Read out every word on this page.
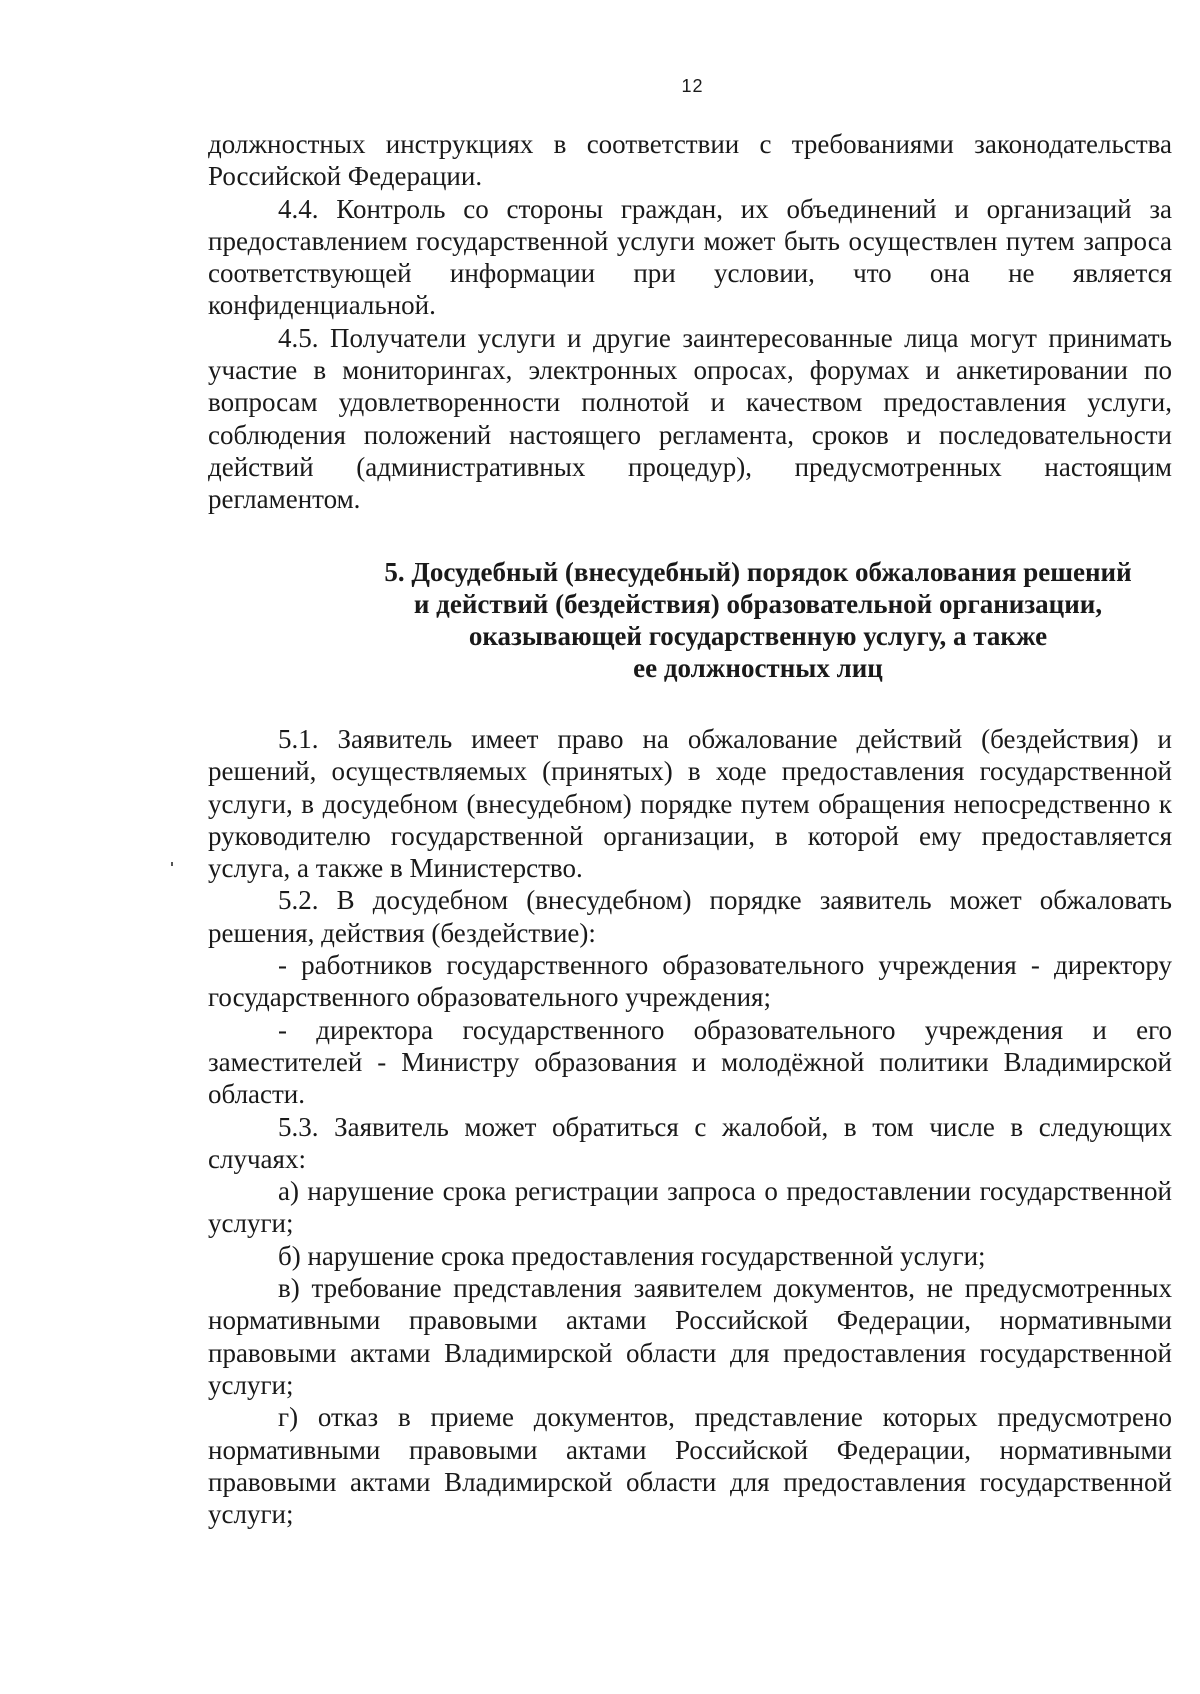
12

должностных инструкциях в соответствии с требованиями законодательства Российской Федерации.

4.4. Контроль со стороны граждан, их объединений и организаций за предоставлением государственной услуги может быть осуществлен путем запроса соответствующей информации при условии, что она не является конфиденциальной.

4.5. Получатели услуги и другие заинтересованные лица могут принимать участие в мониторингах, электронных опросах, форумах и анкетировании по вопросам удовлетворенности полнотой и качеством предоставления услуги, соблюдения положений настоящего регламента, сроков и последовательности действий (административных процедур), предусмотренных настоящим регламентом.

5. Досудебный (внесудебный) порядок обжалования решений
и действий (бездействия) образовательной организации,
оказывающей государственную услугу, а также
ее должностных лиц

5.1. Заявитель имеет право на обжалование действий (бездействия) и решений, осуществляемых (принятых) в ходе предоставления государственной услуги, в досудебном (внесудебном) порядке путем обращения непосредственно к руководителю государственной организации, в которой ему предоставляется услуга, а также в Министерство.

5.2. В досудебном (внесудебном) порядке заявитель может обжаловать решения, действия (бездействие):

- работников государственного образовательного учреждения - директору государственного образовательного учреждения;

- директора государственного образовательного учреждения и его заместителей - Министру образования и молодёжной политики Владимирской области.

5.3. Заявитель может обратиться с жалобой, в том числе в следующих случаях:

а) нарушение срока регистрации запроса о предоставлении государственной услуги;

б) нарушение срока предоставления государственной услуги;

в) требование представления заявителем документов, не предусмотренных нормативными правовыми актами Российской Федерации, нормативными правовыми актами Владимирской области для предоставления государственной услуги;

г) отказ в приеме документов, представление которых предусмотрено нормативными правовыми актами Российской Федерации, нормативными правовыми актами Владимирской области для предоставления государственной услуги;
